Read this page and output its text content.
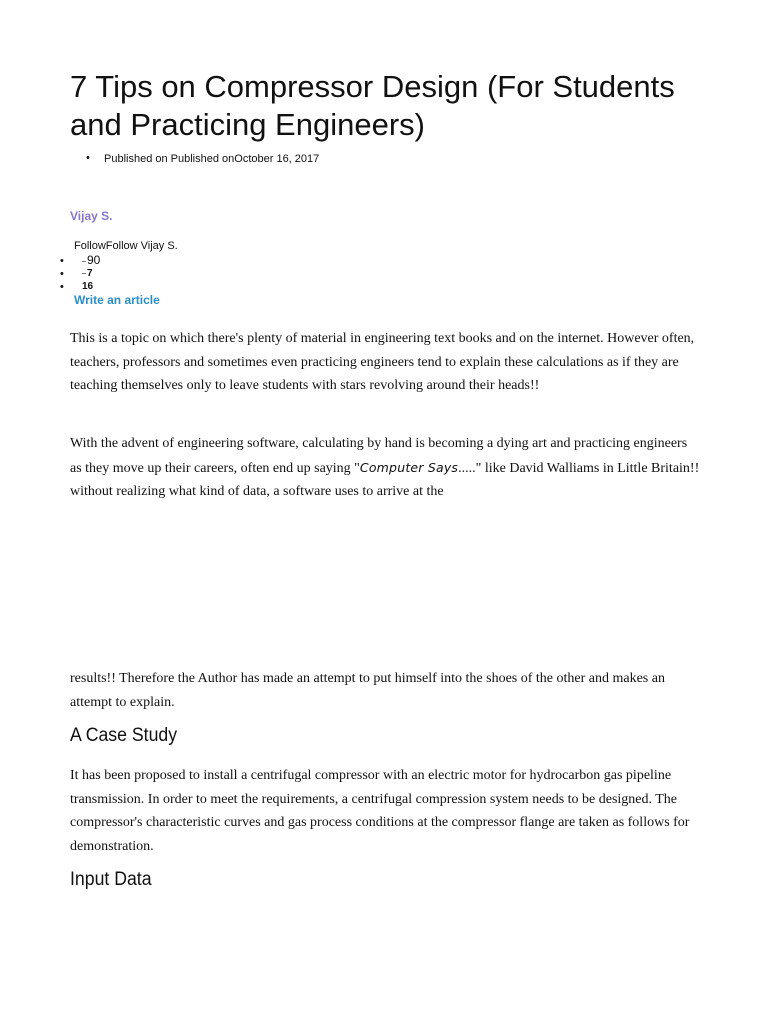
7 Tips on Compressor Design (For Students and Practicing Engineers)
• Published on Published onOctober 16, 2017
Vijay S.
FollowFollow Vijay S.
• 90
• 7
• 16
Write an article

This is a topic on which there's plenty of material in engineering text books and on the internet. However often, teachers, professors and sometimes even practicing engineers tend to explain these calculations as if they are teaching themselves only to leave students with stars revolving around their heads!!

With the advent of engineering software, calculating by hand is becoming a dying art and practicing engineers as they move up their careers, often end up saying "Computer Says....." like David Walliams in Little Britain!! without realizing what kind of data, a software uses to arrive at the

results!! Therefore the Author has made an attempt to put himself into the shoes of the other and makes an attempt to explain.

A Case Study

It has been proposed to install a centrifugal compressor with an electric motor for hydrocarbon gas pipeline transmission. In order to meet the requirements, a centrifugal compression system needs to be designed. The compressor's characteristic curves and gas process conditions at the compressor flange are taken as follows for demonstration.

Input Data
